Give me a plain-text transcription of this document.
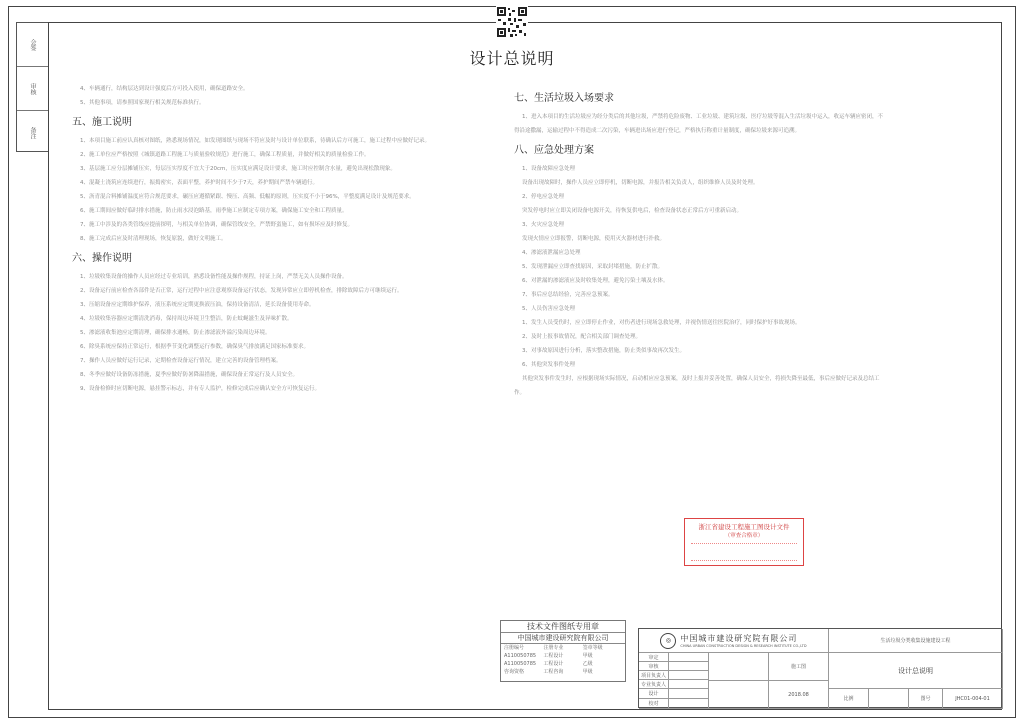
会签
审核
备注
设计总说明
4、车辆通行，结构层达到设计强度后方可投入使用，确保道路安全。
5、其他事项，请参照国家现行相关规范标准执行。
五、施工说明
1、本项目施工前应认真核对图纸，熟悉现场情况，如发现图纸与现场不符应及时与设计单位联系，待确认后方可施工，施工过程中应做好记录。
2、施工单位应严格按照《城镇道路工程施工与质量验收规范》进行施工，确保工程质量，并做好相关的质量检验工作。
3、基层施工应分层摊铺压实，每层压实厚度不宜大于20cm，压实度应满足设计要求，施工时应控制含水量，避免出现松散现象。
4、混凝土浇筑应连续进行，振捣密实，表面平整，养护时间不少于7天，养护期间严禁车辆通行。
5、沥青混合料摊铺温度应符合规范要求，碾压应遵循紧跟、慢压、高频、低幅的原则，压实度不小于96%，平整度满足设计及规范要求。
6、施工期间应做好临时排水措施，防止雨水浸泡路基，雨季施工应制定专项方案，确保施工安全和工程质量。
7、施工中涉及的各类管线应提前探明，与相关单位协调，确保管线安全，严禁野蛮施工，如有损坏应及时修复。
8、施工完成后应及时清理现场，恢复原貌，做好文明施工。
六、操作说明
1、垃圾收集设备的操作人员应经过专业培训，熟悉设备性能及操作规程，持证上岗，严禁无关人员操作设备。
2、设备运行前应检查各部件是否正常，运行过程中应注意观察设备运行状态，发现异常应立即停机检查，排除故障后方可继续运行。
3、压缩设备应定期维护保养，液压系统应定期更换液压油，保持设备清洁，延长设备使用寿命。
4、垃圾收集容器应定期清洗消毒，保持周边环境卫生整洁，防止蚊蝇滋生及异味扩散。
5、渗滤液收集池应定期清理，确保排水通畅，防止渗滤液外溢污染周边环境。
6、除臭系统应保持正常运行，根据季节变化调整运行参数，确保臭气排放满足国家标准要求。
7、操作人员应做好运行记录，定期检查设备运行情况，建立完善的设备管理档案。
8、冬季应做好设备防冻措施，夏季应做好防暑降温措施，确保设备正常运行及人员安全。
9、设备检修时应切断电源，悬挂警示标志，并有专人监护，检修完成后应确认安全方可恢复运行。
七、生活垃圾入场要求
1、进入本项目的生活垃圾应为经分类后的其他垃圾，严禁将危险废物、工业垃圾、建筑垃圾、医疗垃圾等混入生活垃圾中运入，收运车辆应密闭，不得沿途撒漏，运输过程中不得造成二次污染，车辆进出场应进行登记，严格执行称重计量制度，确保垃圾来源可追溯。
八、应急处理方案
1、设备故障应急处理
设备出现故障时，操作人员应立即停机，切断电源，并报告相关负责人，组织维修人员及时处理。
2、停电应急处理
突发停电时应立即关闭设备电源开关，待恢复供电后，检查设备状态正常后方可重新启动。
3、火灾应急处理
发现火情应立即报警，切断电源，使用灭火器材进行扑救。
4、渗滤液泄漏应急处理
5、发现泄漏应立即查找原因，采取封堵措施，防止扩散。
6、对泄漏的渗滤液应及时收集处理，避免污染土壤及水体。
7、事后应总结经验，完善应急预案。
5、人员伤害应急处理
1、发生人员受伤时，应立即停止作业，对伤者进行现场急救处理，并视伤情送往医院治疗，同时保护好事故现场。
2、及时上报事故情况，配合相关部门调查处理。
3、对事故原因进行分析，落实整改措施，防止类似事故再次发生。
6、其他突发事件处理
其他突发事件发生时，应根据现场实际情况，启动相应应急预案，及时上报并妥善处置，确保人员安全，将损失降至最低，事后应做好记录及总结工作。
浙江省建设工程施工图设计文件
（审查合格章）
技术文件图纸专用章
中国城市建设研究院有限公司
注册编号	注册专业	签章等级
A110050785	工程设计	甲级
A110050785	工程设计	乙级
咨询资格	工程咨询	甲级
◎	中国城市建设研究院有限公司
CHINA URBAN CONSTRUCTION DESIGN & RESEARCH INSTITUTE CO.,LTD
生活垃圾分类收集设施建设工程
审定
审核
项目负责人
专业负责人
设计
校对
施工图
2018.08
设计总说明
比例	图号	JHC01-004-01
